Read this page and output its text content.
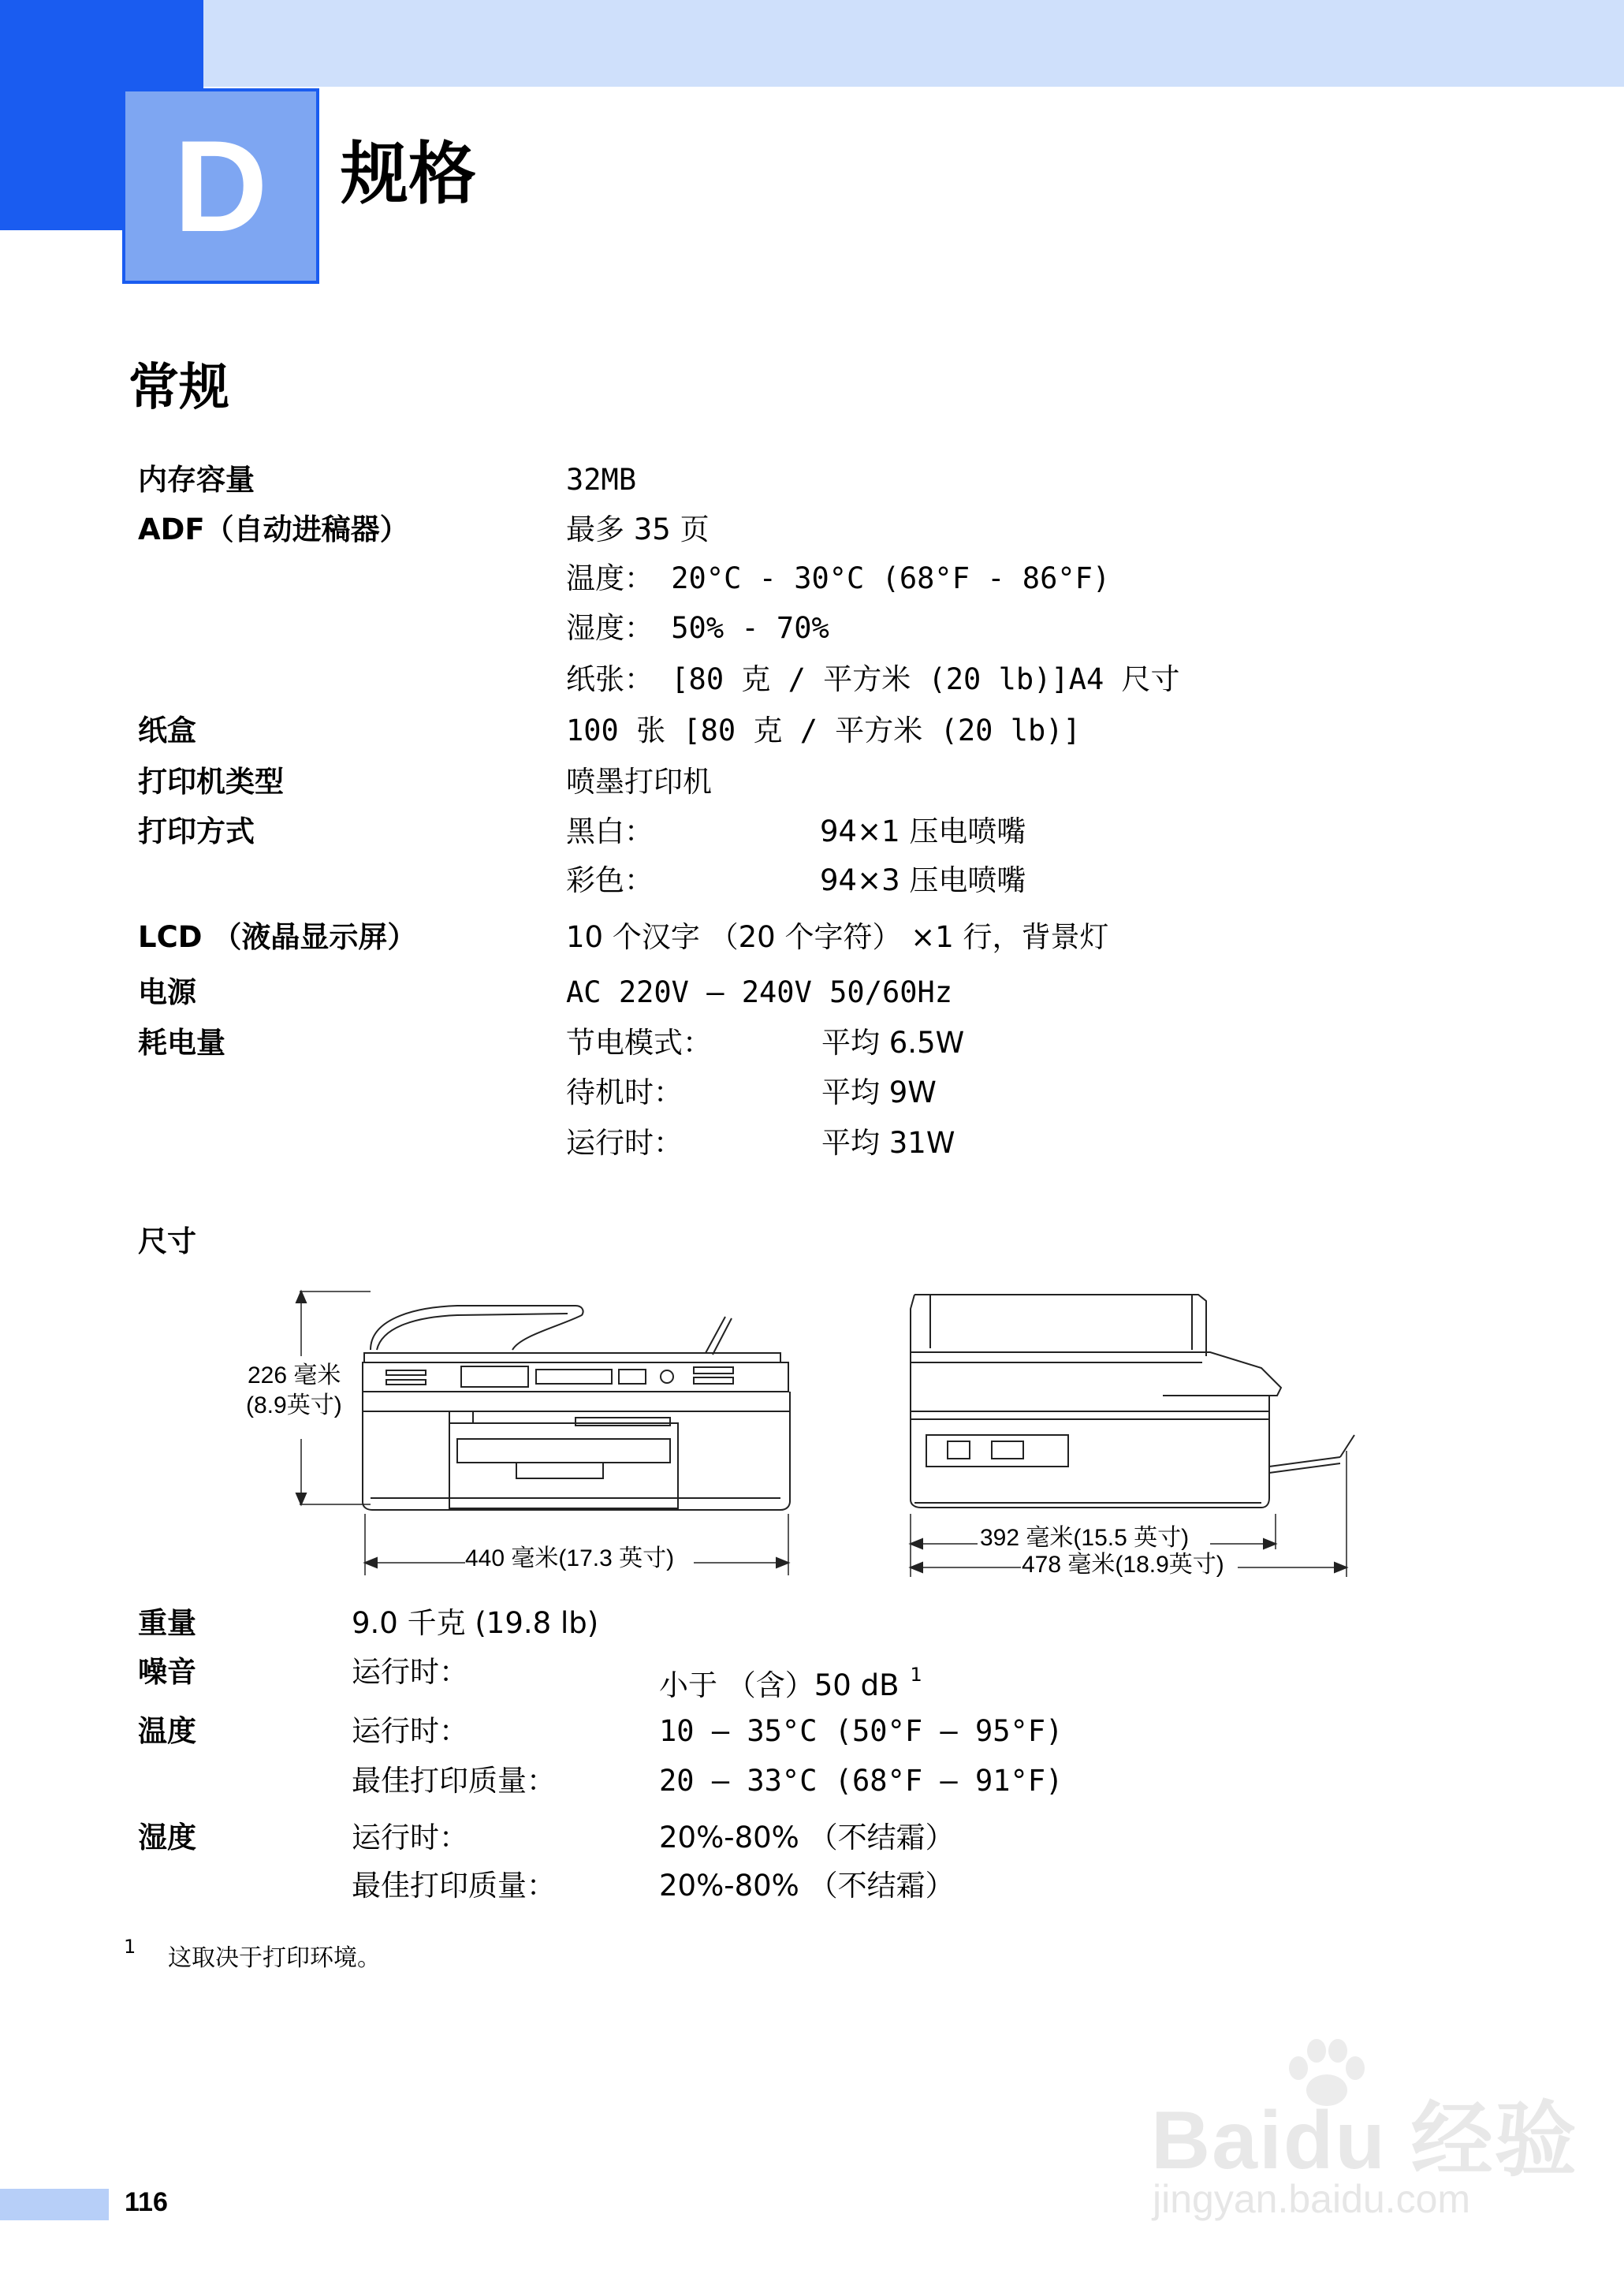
D 规格
常规
内存容量	32MB
ADF（自动进稿器）	最多 35 页
温度： 20°C - 30°C (68°F - 86°F)
湿度： 50% - 70%
纸张： [80 克 / 平方米 (20 lb)]A4 尺寸
纸盒	100 张 [80 克 / 平方米 (20 lb)]
打印机类型	喷墨打印机
打印方式	黑白：	94×1 压电喷嘴
彩色：	94×3 压电喷嘴
LCD （液晶显示屏）	10 个汉字 （20 个字符） ×1 行，背景灯
电源	AC 220V — 240V 50/60Hz
耗电量	节电模式：	平均 6.5W
待机时：	平均 9W
运行时：	平均 31W
尺寸
226 毫米
(8.9英寸)
440 毫米(17.3 英寸)
392 毫米(15.5 英寸)
478 毫米(18.9英寸)
重量	9.0 千克 (19.8 lb)
噪音	运行时：	小于 （含）50 dB $^1$
温度	运行时：	10 — 35°C (50°F — 95°F)
最佳打印质量：	20 — 33°C (68°F — 91°F)
湿度	运行时：	20%-80% （不结霜）
最佳打印质量：	20%-80% （不结霜）
1 这取决于打印环境。
116
Baidu 经验
jingyan.baidu.com
